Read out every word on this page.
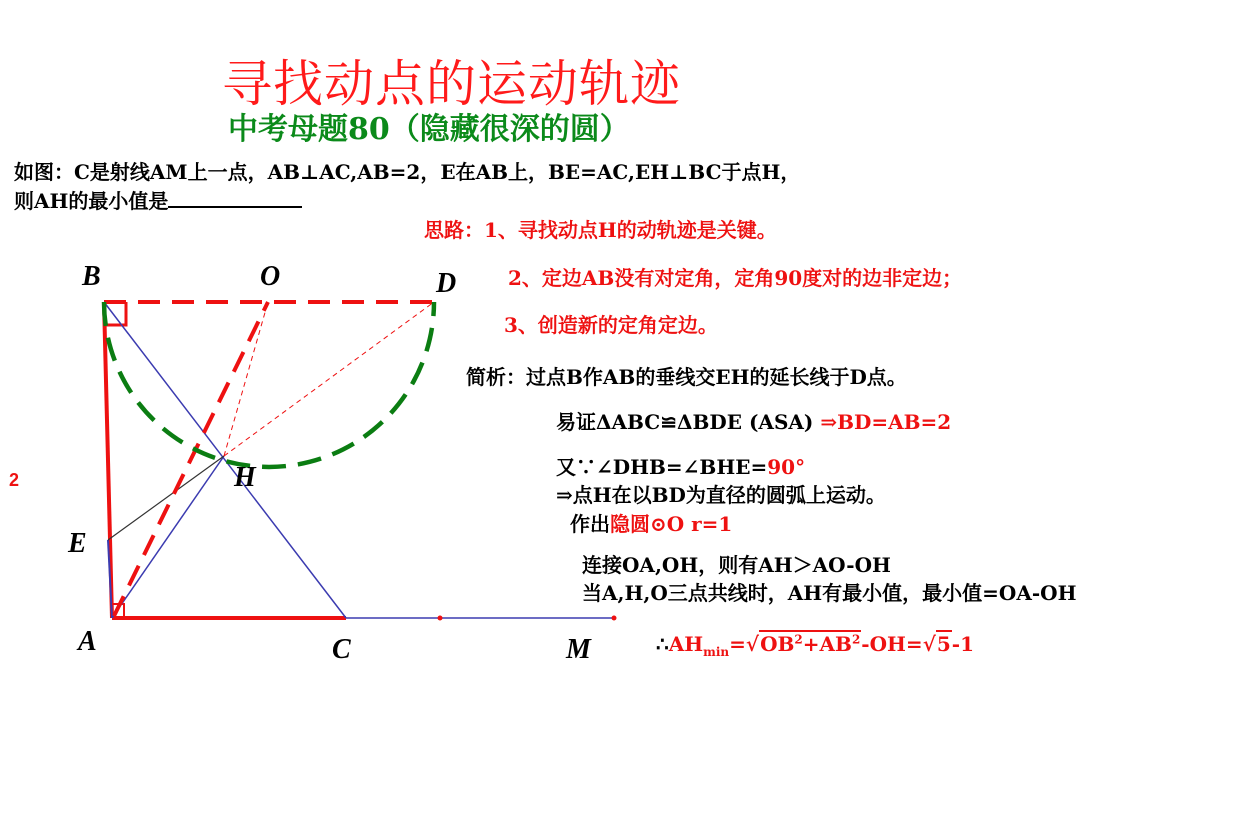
寻找动点的运动轨迹
中考母题80（隐藏很深的圆）
如图：C是射线AM上一点，AB⊥AC,AB=2，E在AB上，BE=AC,EH⊥BC于点H，
则AH的最小值是
思路：1、寻找动点H的动轨迹是关键。
2、定边AB没有对定角，定角90度对的边非定边；
3、创造新的定角定边。
简析：过点B作AB的垂线交EH的延长线于D点。
易证ΔABC≌ΔBDE (ASA) ⇒BD=AB=2
又∵∠DHB=∠BHE=90°
⇒点H在以BD为直径的圆弧上运动。
作出隐圆⊙O r=1
连接OA,OH，则有AH＞AO-OH
当A,H,O三点共线时，AH有最小值，最小值=OA-OH
$\therefore AH_{min}=√OB^2+AB^2-OH=√5-1$
B	O	D
H
E
A	C	M
2
